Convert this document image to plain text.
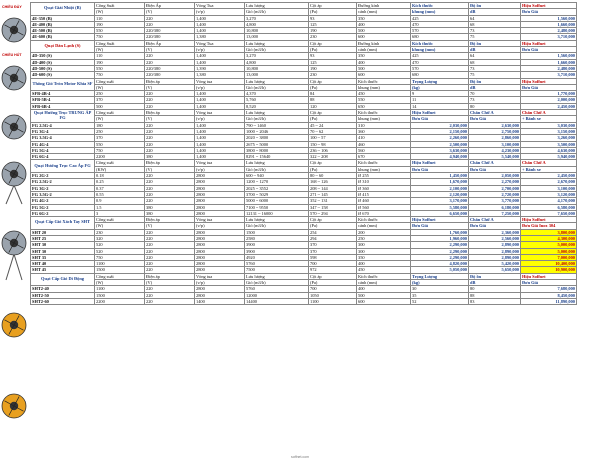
CHIỀU ĐẨY
CHIỀU HÚT
Quạt Giải Nhiệt (B)	Công Suất	Điện Áp	Vòng Tua	Lưu lượng	Cột áp	Đường kính	Kích thước	Độ ồn	Hiệu Soffnet
	(W)	(V)	(v/p)	Gió (m3/h)	(Pa)	cánh (mm)	khung (mm)	dB	Đơn Giá
4E-350 (B)	110	220	1,400	3,270	93	350	425	64	1,560,000
4E-400 (B)	190	220	1,400	4,800	125	400	470	68	1,660,000
4E-500 (B)	550	220/380	1,400	10,800	190	500	570	73	2,480,000
4E-600 (B)	750	220/380	1,380	13,000	230	600	680	75	3,710,000
Quạt Dàn Lạnh (S)	Công Suất	Điện Áp	Vòng Tua	Lưu lượng	Cột áp	Đường kính	Kích thước	Độ ồn	Hiệu Soffnet
	(W)	(V)	(v/p)	Gió (m3/h)	(Pa)	cánh (mm)	khung (mm)	dB	Đơn Giá
4D-350 (S)	110	220	1,400	3,270	93	350	425	64	1,560,000
4D-400 (S)	190	220	1,400	4,800	125	400	470	68	1,660,000
4D-500 (S)	550	220/380	1,390	10,800	190	500	570	73	2,480,000
4D-600 (S)	750	220/380	1,380	13,000	230	600	680	75	3,710,000
Thông Gió Tròn Motor Khía SF	Công suất	Điện áp	Vòng tua	Lưu lượng	Cột áp	Kích thước	Trọng Lượng	Độ ồn	Hiệu Soffnet
	(W)	(V)	(v/p)	Gió (m3/h)	(Pa)	khung (mm)	(kg)	dB	Đơn Giá
SFB-4B-4	250	220	1,400	4,370	84	450	9	70	1,770,000
SFB-5B-4	370	220	1,400	5,760	88	550	11	73	2,000,000
SFB-6B-4	500	220	1,400	8,520	120	650	14	80	2,450,000
Quạt Hướng Trục TRUNG ÁP FG	Công suất	Điện áp	Vòng tua	Lưu lượng	Cột áp	Kích thước	Hiệu Soffnet	Chân Chữ A	Chân Chữ A
	(W)	(V)	(v/p)	Gió (m3/h)	(Pa)	khung (mm)	Đơn Giá	Đơn Giá	+ Bánh xe
FG 2.5G-4	180	220	1,400	790 ~ 1460	45 ~ 24	310	2,030,000	2,630,000	3,030,000
FG 3G-4	250	220	1,400	1000 ~ 2046	70 ~ 62	360	2,150,000	2,750,000	3,150,000
FG 3.5G-4	370	220	1,400	2020 ~ 3800	100 ~ 57	410	2,260,000	2,860,000	3,260,000
FG 4G-4	550	220	1,400	2675 ~ 5000	150 ~ 98	460	2,500,000	3,100,000	3,500,000
FG 5G-4	750	220	1,400	3800 ~ 8000	236 ~ 106	560	3,630,000	4,230,000	4,630,000
FG 6G-4	2200	380	1,400	8291 ~ 15640	322 ~ 208	670	4,940,000	5,540,000	5,940,000
Quạt Hướng Trục Cao Áp FG	Công suất	Điện áp	Vòng tua	Lưu lượng	Cột áp	Kích thước	Hiệu Soffnet	Chân Chữ A	Chân Chữ A
	(KW)	(V)	(v/p)	Gió (m3/h)	(Pa)	khung (mm)	Đơn Giá	Đơn Giá	+ Bánh xe
FG 2G-2	0.18	220	2800	600 ~ 940	80 ~ 60	Ø 255	1,450,000	2,050,000	2,450,000
FG 2.5G-2	0.25	220	2800	1200 ~ 1270	168 ~ 126	Ø 310	1,670,000	2,270,000	2,670,000
FG 3G-2	0.37	220	2800	2025 ~ 3552	208 ~ 144	Ø 360	2,100,000	2,700,000	3,100,000
FG 3.5G-2	0.55	220	2800	3700 ~ 5029	271 ~ 145	Ø 415	2,120,000	2,720,000	3,120,000
FG 4G-2	0.9	220	2800	5000 ~ 6000	352 ~ 131	Ø 460	3,170,000	3,770,000	4,170,000
FG 5G-2	1.5	380	2800	7100 ~ 9550	347 ~ 158	Ø 560	5,580,000	6,180,000	6,580,000
FG 6G-2	3	380	2800	12131 ~ 16000	570 ~ 294	Ø 670	6,650,000	7,250,000	7,650,000
Quạt Cấp Gió Xách Tay SHT	Công suất	Điện áp	Vòng tua	Lưu lượng	Cột áp	Kích thước	Hiệu Soffnet	Chân Chữ A	Hiệu Soffnet
	(W)	(V)	(v/p)	Gió (m3/h)	(Pa)	cánh (mm)	Đơn Giá	Đơn Giá	Đơn Giá Inox 304
SHT 20	230	220	2800	1500	254	200	1,760,000	2,360,000	3,800,000
SHT 25	320	220	2800	2580	294	250	1,960,000	2,560,000	4,300,000
SHT 30	520	220	2800	3900	370	300	2,290,000	2,890,000	5,000,000
SHT 30	520	220	2800	3900	370	300	2,290,000	2,890,000	5,000,000
SHT 35	750	220	2800	4920	598	350	2,290,000	2,890,000	7,000,000
SHT 40	1100	220	2800	5760	700	400	4,820,000	5,420,000	10,400,000
SHT 45	1500	220	2800	7500	972	450	5,050,000	5,650,000	10,900,000
Quạt Cấp Gió Di Động	Công suất	Điện áp	Vòng tua	Lưu lượng	Cột áp	Kích thước	Trọng Lượng	Độ ồn	Hiệu Soffnet
	(W)	(V)	(v/p)	Gió (m3/h)	(Pa)	cánh (mm)	(kg)	dB	Đơn Giá
SHT2-40	1100	220	2800	5760	700	400	30	80	7,680,000
SHT2-50	1500	220	2800	12000	1050	500	35	88	8,450,000
SHT2-60	2200	220	1400	14400	1100	600	52	83	11,890,000
soffnet.com
